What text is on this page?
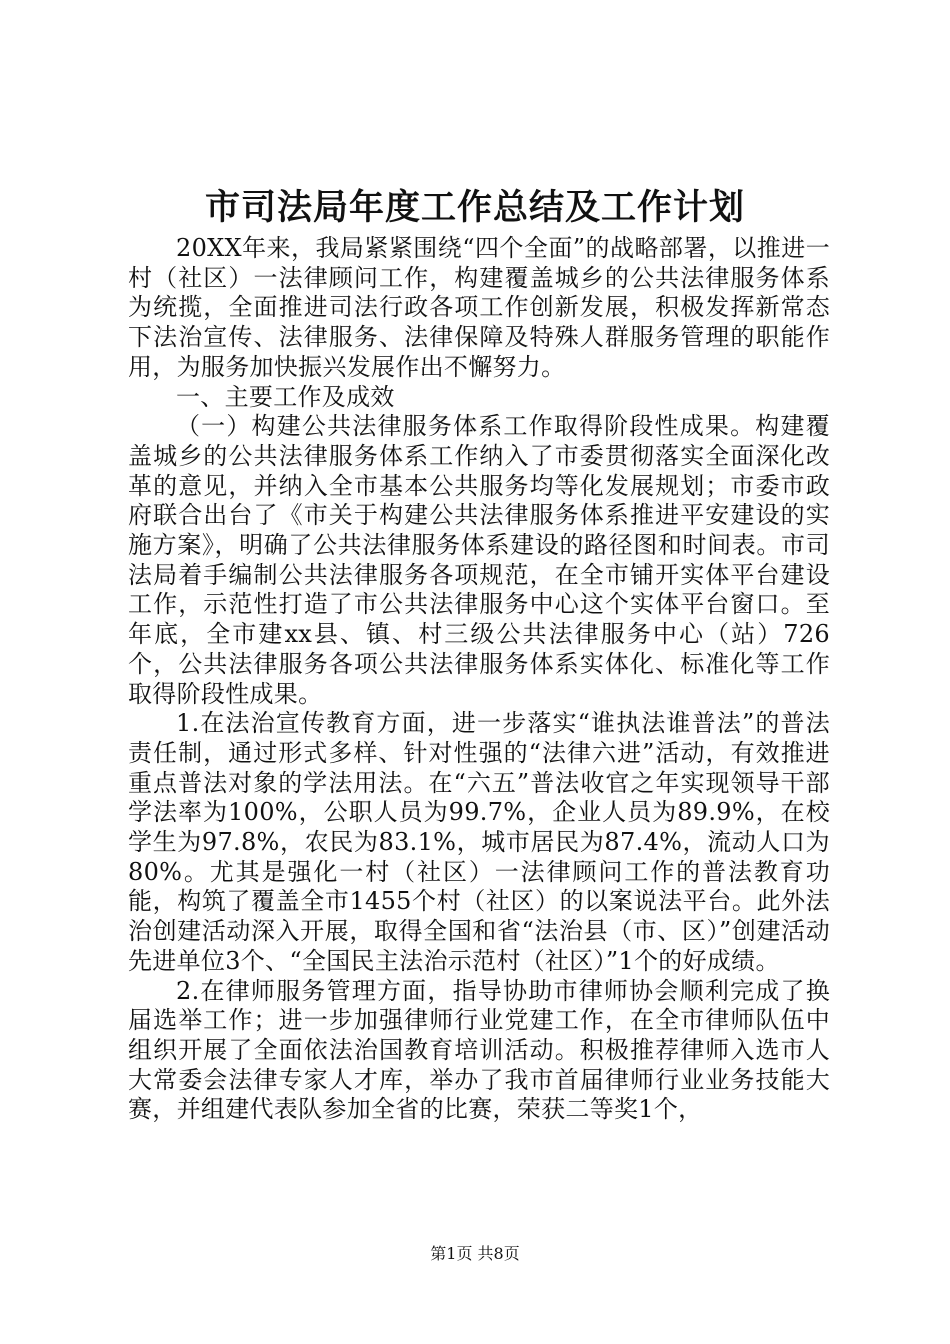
市司法局年度工作总结及工作计划

20XX年来，我局紧紧围绕“四个全面”的战略部署，以推进一村（社区）一法律顾问工作，构建覆盖城乡的公共法律服务体系为统揽，全面推进司法行政各项工作创新发展，积极发挥新常态下法治宣传、法律服务、法律保障及特殊人群服务管理的职能作用，为服务加快振兴发展作出不懈努力。

一、主要工作及成效

（一）构建公共法律服务体系工作取得阶段性成果。构建覆盖城乡的公共法律服务体系工作纳入了市委贯彻落实全面深化改革的意见，并纳入全市基本公共服务均等化发展规划；市委市政府联合出台了《市关于构建公共法律服务体系推进平安建设的实施方案》，明确了公共法律服务体系建设的路径图和时间表。市司法局着手编制公共法律服务各项规范，在全市铺开实体平台建设工作，示范性打造了市公共法律服务中心这个实体平台窗口。至年底，全市建xx县、镇、村三级公共法律服务中心（站）726个，公共法律服务各项公共法律服务体系实体化、标准化等工作取得阶段性成果。

1.在法治宣传教育方面，进一步落实“谁执法谁普法”的普法责任制，通过形式多样、针对性强的“法律六进”活动，有效推进重点普法对象的学法用法。在“六五”普法收官之年实现领导干部学法率为100%，公职人员为99.7%，企业人员为89.9%，在校学生为97.8%，农民为83.1%，城市居民为87.4%，流动人口为80%。尤其是强化一村（社区）一法律顾问工作的普法教育功能，构筑了覆盖全市1455个村（社区）的以案说法平台。此外法治创建活动深入开展，取得全国和省“法治县（市、区）”创建活动先进单位3个、“全国民主法治示范村（社区）”1个的好成绩。

2.在律师服务管理方面，指导协助市律师协会顺利完成了换届选举工作；进一步加强律师行业党建工作，在全市律师队伍中组织开展了全面依法治国教育培训活动。积极推荐律师入选市人大常委会法律专家人才库，举办了我市首届律师行业业务技能大赛，并组建代表队参加全省的比赛，荣获二等奖1个，

第1页 共8页
